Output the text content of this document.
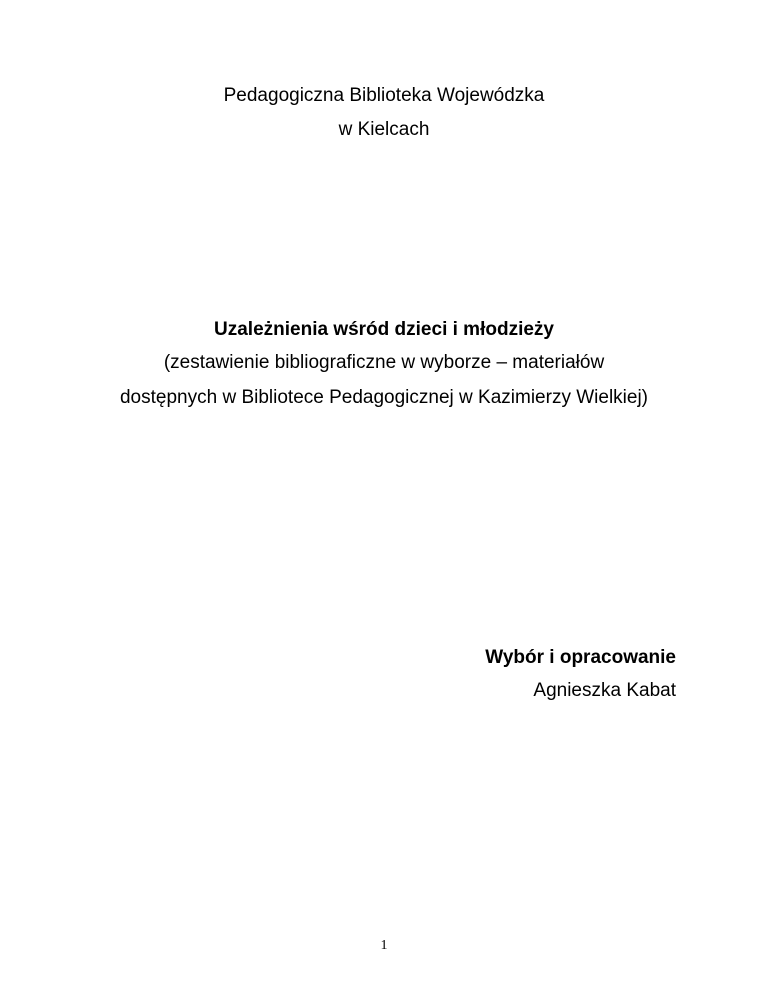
Pedagogiczna Biblioteka Wojewódzka
w Kielcach
Uzależnienia wśród dzieci i młodzieży
(zestawienie bibliograficzne w wyborze – materiałów
dostępnych w Bibliotece Pedagogicznej w Kazimierzy Wielkiej)
Wybór i opracowanie
Agnieszka Kabat
1
